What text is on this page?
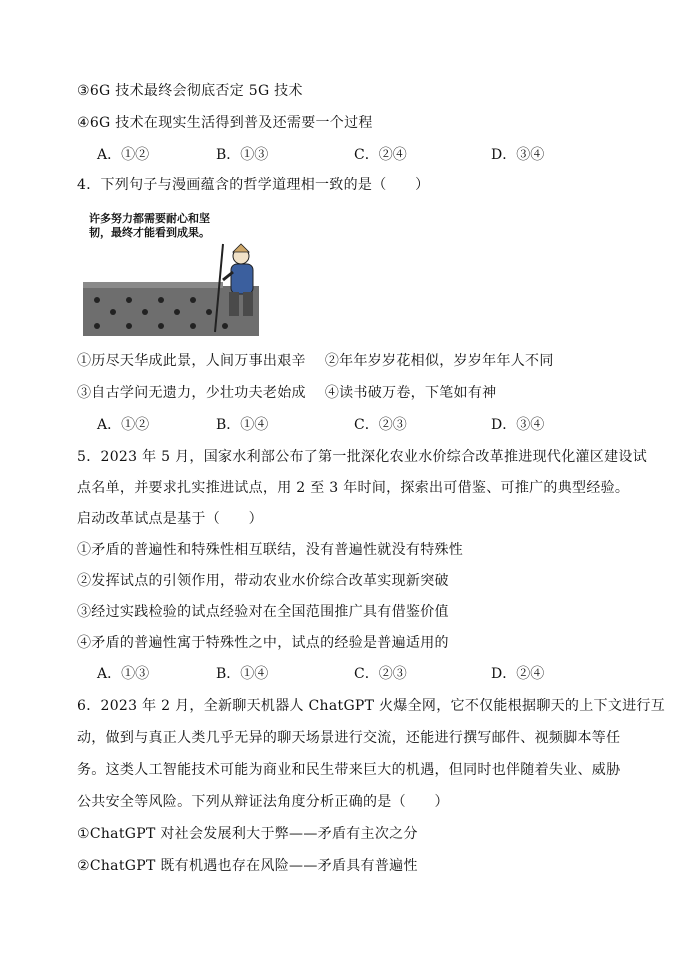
③6G 技术最终会彻底否定 5G 技术
④6G 技术在现实生活得到普及还需要一个过程
A．①②	B．①③	C．②④	D．③④
4．下列句子与漫画蕴含的哲学道理相一致的是（　　）
许多努力都需要耐心和坚
韧，最终才能看到成果。
①历尽天华成此景，人间万事出艰辛　 ②年年岁岁花相似，岁岁年年人不同
③自古学问无遗力，少壮功夫老始成　 ④读书破万卷，下笔如有神
A．①②	B．①④	C．②③	D．③④
5．2023 年 5 月，国家水利部公布了第一批深化农业水价综合改革推进现代化灌区建设试
点名单，并要求扎实推进试点，用 2 至 3 年时间，探索出可借鉴、可推广的典型经验。
启动改革试点是基于（　　）
①矛盾的普遍性和特殊性相互联结，没有普遍性就没有特殊性
②发挥试点的引领作用，带动农业水价综合改革实现新突破
③经过实践检验的试点经验对在全国范围推广具有借鉴价值
④矛盾的普遍性寓于特殊性之中，试点的经验是普遍适用的
A．①③	B．①④	C．②③	D．②④
6．2023 年 2 月，全新聊天机器人 ChatGPT 火爆全网，它不仅能根据聊天的上下文进行互
动，做到与真正人类几乎无异的聊天场景进行交流，还能进行撰写邮件、视频脚本等任
务。这类人工智能技术可能为商业和民生带来巨大的机遇，但同时也伴随着失业、威胁
公共安全等风险。下列从辩证法角度分析正确的是（　　）
①ChatGPT 对社会发展利大于弊——矛盾有主次之分
②ChatGPT 既有机遇也存在风险——矛盾具有普遍性
